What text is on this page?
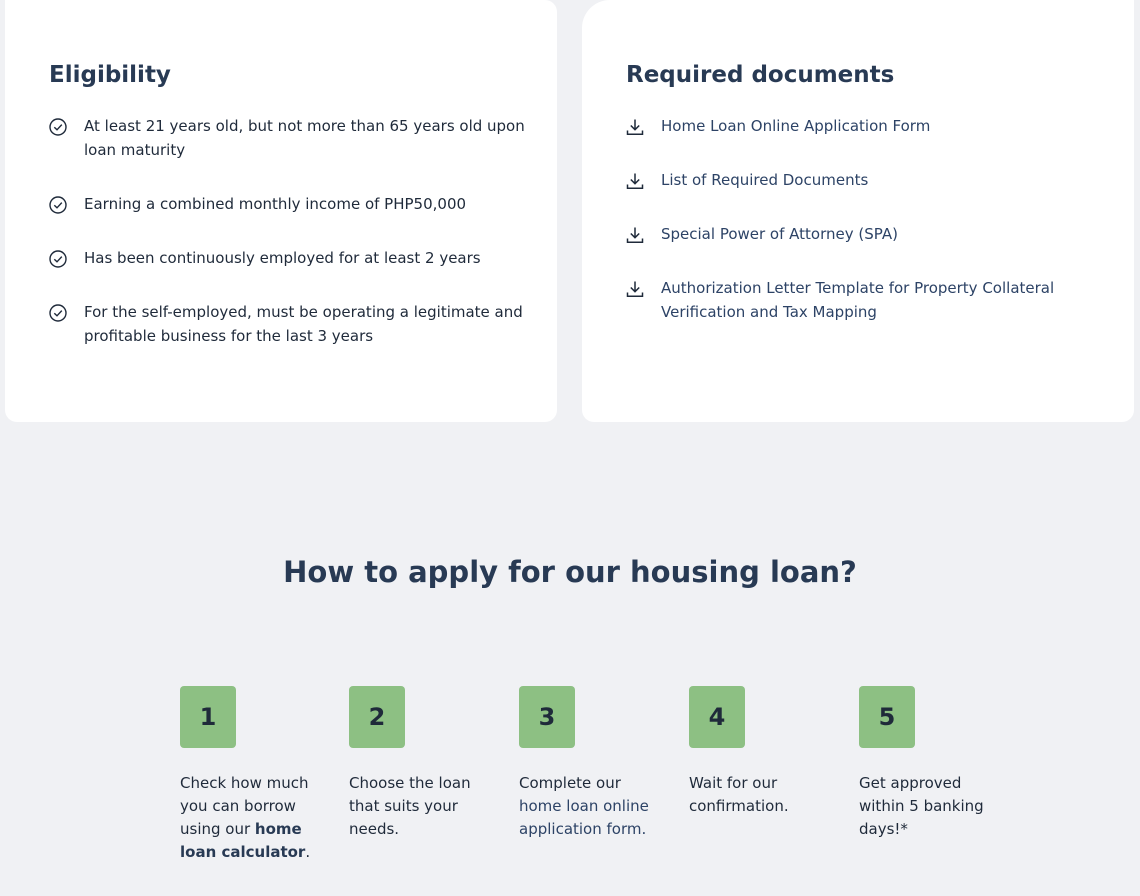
Eligibility
At least 21 years old, but not more than 65 years old upon loan maturity
Earning a combined monthly income of PHP50,000
Has been continuously employed for at least 2 years
For the self-employed, must be operating a legitimate and profitable business for the last 3 years
Required documents
Home Loan Online Application Form
List of Required Documents
Special Power of Attorney (SPA)
Authorization Letter Template for Property Collateral Verification and Tax Mapping
How to apply for our housing loan?
1
Check how much you can borrow using our home loan calculator.
2
Choose the loan that suits your needs.
3
Complete our home loan online application form.
4
Wait for our confirmation.
5
Get approved within 5 banking days!*
